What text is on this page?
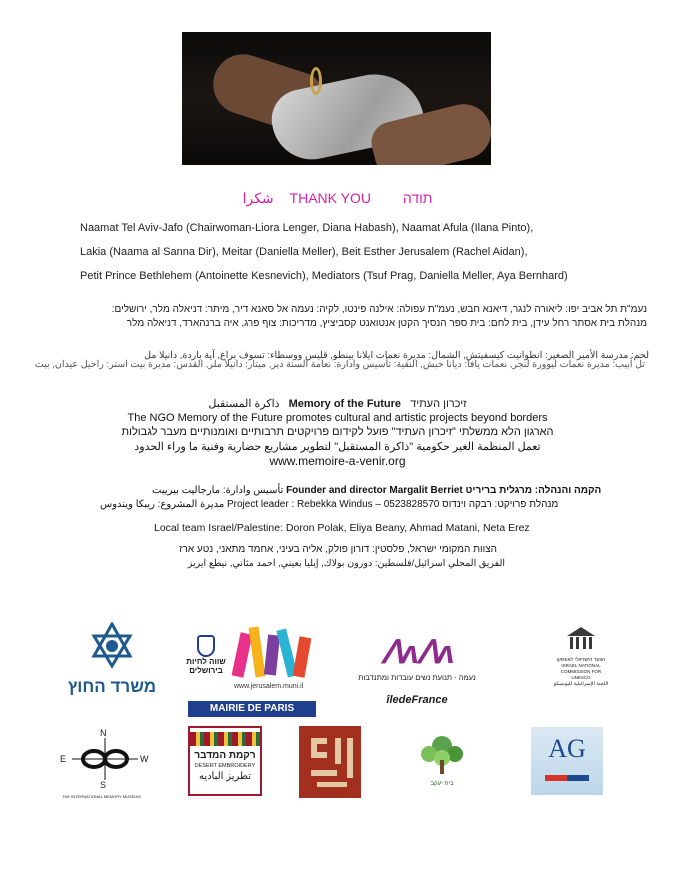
شكرا THANK YOU תודה
Naamat Tel Aviv-Jafo (Chairwoman-Liora Lenger, Diana Habash), Naamat Afula (Ilana Pinto),
Lakia (Naama al Sanna Dir), Meitar (Daniella Meller), Beit Esther Jerusalem (Rachel Aidan),
Petit Prince Bethlehem (Antoinette Kesnevich), Mediators (Tsuf Prag, Daniella Meller, Aya Bernhard)
נעמ"ת תל אביב יפו: ליאורה לנגר, דיאנא חבש, נעמ"ת עפולה: אילנה פינטו, לקיה: נעמה אל סאנא דיר, מיתר: דניאלה מלר, ירושלים:
מנהלת בית אסתר רחל עידן, בית לחם: בית ספר הנסיך הקטן אנטואנט קסביציץ, מדריכות: צוף פרג, איה ברנהארד, דניאלה מלר
لحم: مدرسة الأمير الصغير: انطوانيت كيسفيتش, الشمال: مديرة نعمات ايلانا بينطو, قليس ووسطاء: تسوف براغ, آية باردة, دانيلا مل
تل أبيب: مديرة نعمات ليوورة لنجر, نعمات يافا: ديانا حبش, النقية: تأسيس وادارة: نعامة السنة دير, ميتار: دانيلا ملر, القدس: مديرة بيت استر: راحيل عيدان, بيت
ذاكرة المستقبل Memory of the Future זיכרון העתיד
The NGO Memory of the Future promotes cultural and artistic projects beyond borders
הארגון הלא ממשלתי "זיכרון העתיד" פועל לקידום פרויקטים תרבותיים ואומנותיים מעבר לגבולות
تعمل المنظمة الغير حكومية "ذاكرة المستقبل" لتطوير مشاريع حضارية وفنية ما وراء الحدود
www.memoire-a-venir.org
تأسيس وادارة: مارجاليت بيرييت Founder and director Margalit Berriet הקמה והנהלה: מרגלית בריריט
مديرة المشروع: ريبكا ويندوس Project leader : Rebekka Windus – 0523828570 מנהלת פרויקט: רבקה וינדוס
Local team Israel/Palestine: Doron Polak, Eliya Beany, Ahmad Matani, Neta Erez
הצוות המקומי ישראל, פלסטין: דורון פולק, אליה בעיני, אחמד מתאני, נטע ארז
الفريق المحلي اسرائيل/فلسطين: دورون بولاك, إيليا بعيني, احمد مثاني, نيطع ايريز
משרד החוץ
שווה לחיות
בירושלים
www.jerusalem.muni.il
MAIRIE DE PARIS
ꓥʌꓥʌ
נעמה - תנועת נשים עובדות ומתנדבות
îledeFrance
הוועד הישראלי לאונסקו
ISRAEL NATIONAL COMMISSION FOR UNESCO
اللجنة الإسرائيلية لليونسكو
N
E	W
S
THE INTERNATIONAL MEMORY MUSEUM
רקמת המדבר
DESERT EMBROIDERY
تطريز الباديه
בית יעקב
AG
